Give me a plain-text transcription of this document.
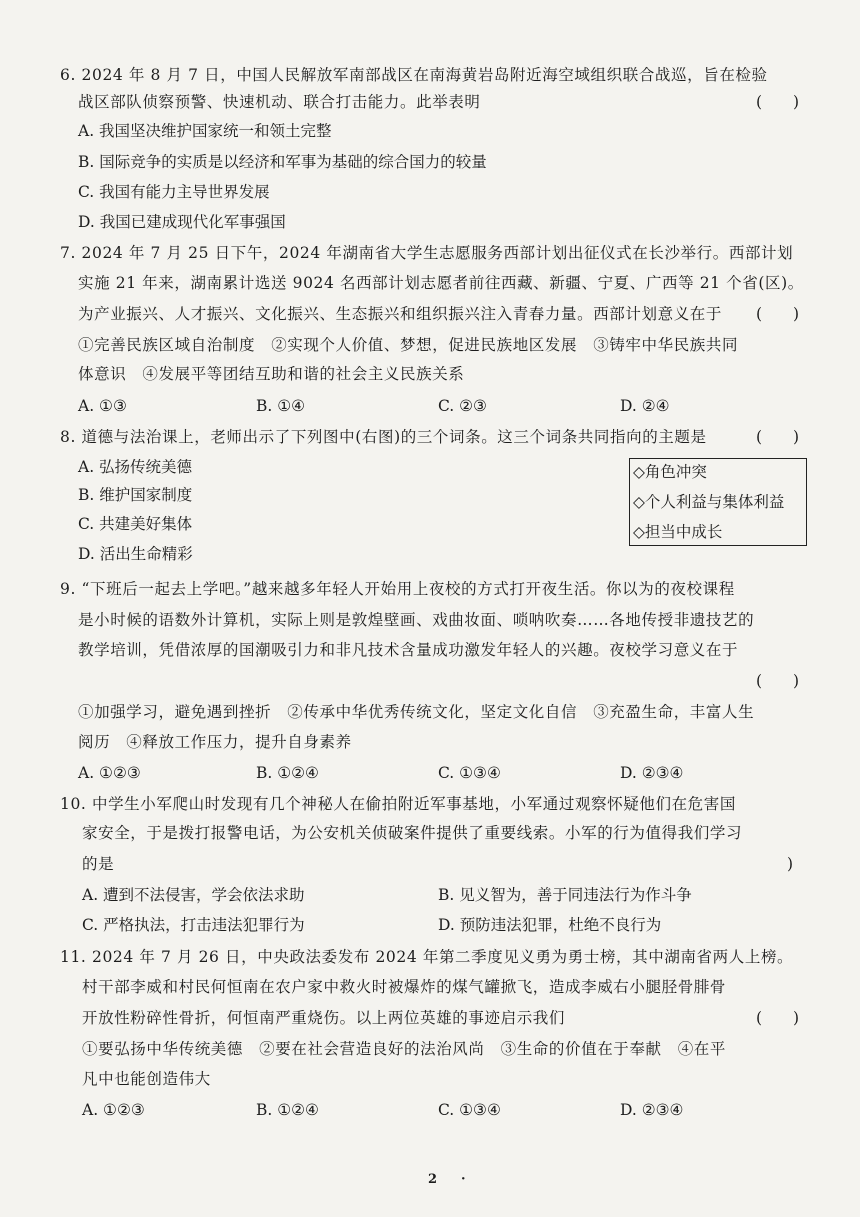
6. 2024 年 8 月 7 日，中国人民解放军南部战区在南海黄岩岛附近海空域组织联合战巡，旨在检验
战区部队侦察预警、快速机动、联合打击能力。此举表明	(　　)
A. 我国坚决维护国家统一和领土完整
B. 国际竞争的实质是以经济和军事为基础的综合国力的较量
C. 我国有能力主导世界发展
D. 我国已建成现代化军事强国
7. 2024 年 7 月 25 日下午，2024 年湖南省大学生志愿服务西部计划出征仪式在长沙举行。西部计划
实施 21 年来，湖南累计选送 9024 名西部计划志愿者前往西藏、新疆、宁夏、广西等 21 个省(区)。
为产业振兴、人才振兴、文化振兴、生态振兴和组织振兴注入青春力量。西部计划意义在于 (　　)
①完善民族区域自治制度　②实现个人价值、梦想，促进民族地区发展　③铸牢中华民族共同
体意识　④发展平等团结互助和谐的社会主义民族关系
A. ①③	B. ①④	C. ②③	D. ②④
8. 道德与法治课上，老师出示了下列图中(右图)的三个词条。这三个词条共同指向的主题是	(　　)
A. 弘扬传统美德
B. 维护国家制度
C. 共建美好集体
D. 活出生命精彩
◇角色冲突
◇个人利益与集体利益
◇担当中成长
9. “下班后一起去上学吧。”越来越多年轻人开始用上夜校的方式打开夜生活。你以为的夜校课程
是小时候的语数外计算机，实际上则是敦煌壁画、戏曲妆面、唢呐吹奏……各地传授非遗技艺的
教学培训，凭借浓厚的国潮吸引力和非凡技术含量成功激发年轻人的兴趣。夜校学习意义在于
(　　)
①加强学习，避免遇到挫折　②传承中华优秀传统文化，坚定文化自信　③充盈生命，丰富人生
阅历　④释放工作压力，提升自身素养
A. ①②③	B. ①②④	C. ①③④	D. ②③④
10. 中学生小军爬山时发现有几个神秘人在偷拍附近军事基地，小军通过观察怀疑他们在危害国
家安全，于是拨打报警电话，为公安机关侦破案件提供了重要线索。小军的行为值得我们学习
的是	)
A. 遭到不法侵害，学会依法求助	B. 见义智为，善于同违法行为作斗争
C. 严格执法，打击违法犯罪行为	D. 预防违法犯罪，杜绝不良行为
11. 2024 年 7 月 26 日，中央政法委发布 2024 年第二季度见义勇为勇士榜，其中湖南省两人上榜。
村干部李威和村民何恒南在农户家中救火时被爆炸的煤气罐掀飞，造成李威右小腿胫骨腓骨
开放性粉碎性骨折，何恒南严重烧伤。以上两位英雄的事迹启示我们	(　　)
①要弘扬中华传统美德　②要在社会营造良好的法治风尚　③生命的价值在于奉献　④在平
凡中也能创造伟大
A. ①②③	B. ①②④	C. ①③④	D. ②③④
2 ·
